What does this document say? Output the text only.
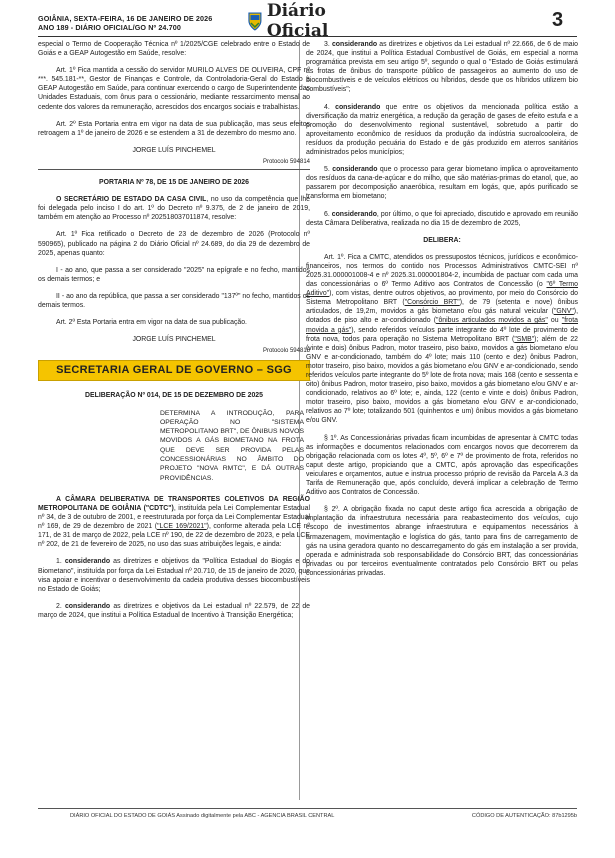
GOIÂNIA, SEXTA-FEIRA, 16 DE JANEIRO DE 2026
ANO 189 - DIÁRIO OFICIAL/GO Nº 24.700
Diário Oficial	3

especial o Termo de Cooperação Técnica nº 1/2025/CGE celebrado entre o Estado de Goiás e a GEAP Autogestão em Saúde, resolve:

Art. 1º Fica mantida a cessão do servidor MURILO ALVES DE OLIVEIRA, CPF nº ***. 545.181-**, Gestor de Finanças e Controle, da Controladoria-Geral do Estado à GEAP Autogestão em Saúde, para continuar exercendo o cargo de Superintendente das Unidades Estaduais, com ônus para o cessionário, mediante ressarcimento mensal ao cedente dos valores da remuneração, acrescidos dos encargos sociais e trabalhistas.

Art. 2º Esta Portaria entra em vigor na data de sua publicação, mas seus efeitos retroagem a 1º de janeiro de 2026 e se estendem a 31 de dezembro do mesmo ano.

JORGE LUÍS PINCHEMEL
Protocolo 594814
PORTARIA Nº 78, DE 15 DE JANEIRO DE 2026

O SECRETÁRIO DE ESTADO DA CASA CIVIL, no uso da competência que lhe foi delegada pelo inciso I do art. 1º do Decreto nº 9.375, de 2 de janeiro de 2019, também em atenção ao Processo nº 202518037011874, resolve:

Art. 1º Fica retificado o Decreto de 23 de dezembro de 2026 (Protocolo nº 590965), publicado na página 2 do Diário Oficial nº 24.689, do dia 29 de dezembro de 2025, apenas quanto:

I - ao ano, que passa a ser considerado "2025" na epígrafe e no fecho, mantidos os demais termos; e

II - ao ano da república, que passa a ser considerado "137º" no fecho, mantidos os demais termos.

Art. 2º Esta Portaria entra em vigor na data de sua publicação.

JORGE LUÍS PINCHEMEL
Protocolo 594816
SECRETARIA GERAL DE GOVERNO – SGG
DELIBERAÇÃO Nº 014, DE 15 DE DEZEMBRO DE 2025
DETERMINA A INTRODUÇÃO, PARA OPERAÇÃO NO "SISTEMA METROPOLITANO BRT", DE ÔNIBUS NOVOS MOVIDOS A GÁS BIOMETANO NA FROTA QUE DEVE SER PROVIDA PELAS CONCESSIONÁRIAS NO ÂMBITO DO PROJETO "NOVA RMTC", E DÁ OUTRAS PROVIDÊNCIAS.

A CÂMARA DELIBERATIVA DE TRANSPORTES COLETIVOS DA REGIÃO METROPOLITANA DE GOIÂNIA ("CDTC"), instituída pela Lei Complementar Estadual nº 34, de 3 de outubro de 2001, e reestruturada por força da Lei Complementar Estadual nº 169, de 29 de dezembro de 2021 ("LCE 169/2021"), conforme alterada pela LCE nº 171, de 31 de março de 2022, pela LCE nº 190, de 22 de dezembro de 2023, e pela LCE nº 202, de 21 de fevereiro de 2025, no uso das suas atribuições legais, e ainda:

1. considerando as diretrizes e objetivos da "Política Estadual do Biogás e do Biometano", instituída por força da Lei Estadual nº 20.710, de 15 de janeiro de 2020, que visa apoiar e incentivar o desenvolvimento da cadeia produtiva desses biocombustíveis no Estado de Goiás;

2. considerando as diretrizes e objetivos da Lei estadual nº 22.579, de 22 de março de 2024, que institui a Política Estadual de Incentivo à Transição Energética;

3. considerando as diretrizes e objetivos da Lei estadual nº 22.666, de 6 de maio de 2024, que institui a Política Estadual Combustível de Goiás, em especial a norma programática prevista em seu artigo 5º, segundo o qual o "Estado de Goiás estimulará as frotas de ônibus do transporte público de passageiros ao aumento do uso de biocombustíveis e de veículos elétricos ou híbridos, desde que os híbridos utilizem bio combustíveis";

4. considerando que entre os objetivos da mencionada política estão a diversificação da matriz energética, a redução da geração de gases de efeito estufa e a promoção do desenvolvimento regional sustentável, sobretudo a partir do aproveitamento econômico de resíduos da produção da indústria sucroalcooleira, de resíduos da produção pecuária do Estado e de gás produzido em aterros sanitários administrados pelos municípios;

5. considerando que o processo para gerar biometano implica o aproveitamento dos resíduos da cana-de-açúcar e do milho, que são matérias-primas do etanol, que, ao passarem por decomposição anaeróbica, resultam em logás, que, após purificado se transforma em biometano;

6. considerando, por último, o que foi apreciado, discutido e aprovado em reunião desta Câmara Deliberativa, realizada no dia 15 de dezembro de 2025,

DELIBERA:

Art. 1º. Fica a CMTC, atendidos os pressupostos técnicos, jurídicos e econômico-financeiros, nos termos do contido nos Processos Administrativos CMTC-SEI nº 2025.31.000001008-4 e nº 2025.31.000001804-2, incumbida de pactuar com cada uma das concessionárias o 6º Termo Aditivo aos Contratos de Concessão (o "6º Termo Aditivo"), com vistas, dentre outros objetivos, ao provimento, por meio do Consórcio do Sistema Metropolitano BRT ("Consórcio BRT"), de 79 (setenta e nove) ônibus articulados, de 19,2m, movidos a gás biometano e/ou gás natural veicular ("GNV"), dotados de piso alto e ar-condicionado ("ônibus articulados movidos a gás" ou "frota movida a gás"), sendo referidos veículos parte integrante do 4º lote de provimento de frota nova, todos para operação no Sistema Metropolitano BRT ("SMB"); além de 22 (vinte e dois) ônibus Padron, motor traseiro, piso baixo, movidos a gás biometano e/ou GNV e ar-condicionado, também do 4º lote; mais 110 (cento e dez) ônibus Padron, motor traseiro, piso baixo, movidos a gás biometano e/ou GNV e ar-condicionado, sendo referidos veículos parte integrante do 5º lote de frota nova; mais 168 (cento e sessenta e oito) ônibus Padron, motor traseiro, piso baixo, movidos a gás biometano e/ou GNV e ar-condicionado, relativos ao 6º lote; e, ainda, 122 (cento e vinte e dois) ônibus Padron, motor traseiro, piso baixo, movidos a gás biometano e/ou GNV e ar-condicionado, relativos ao 7º lote; totalizando 501 (quinhentos e um) ônibus movidos a gás biometano e/ou GNV.

§ 1º. As Concessionárias privadas ficam incumbidas de apresentar à CMTC todas as informações e documentos relacionados com encargos novos que decorrerem da obrigação relacionada com os lotes 4º, 5º, 6º e 7º de provimento de frota, referidos no caput deste artigo, propiciando que a CMTC, após aprovação das especificações veiculares e orçamentos, autue e instrua processo próprio de revisão da Parcela A.3 da Tarifa de Remuneração que, após concluído, deverá implicar a celebração de Termo Aditivo aos Contratos de Concessão.

§ 2º. A obrigação fixada no caput deste artigo fica acrescida a obrigação de implantação da infraestrutura necessária para reabastecimento dos veículos, cujo escopo de investimentos abrange infraestrutura e equipamentos necessários à armazenagem, movimentação e logística do gás, tanto para fins de carregamento de gás na usina geradora quanto no descarregamento do gás em instalação a ser provida, operada e administrada sob responsabilidade do Consórcio BRT, das concessionárias privadas ou por terceiros eventualmente contratados pelo Consórcio BRT ou pelas concessionárias privadas.

DIÁRIO OFICIAL DO ESTADO DE GOIÁS Assinado digitalmente pela ABC - AGENCIA BRASIL CENTRAL	CÓDIGO DE AUTENTICAÇÃO: 87b1295b
